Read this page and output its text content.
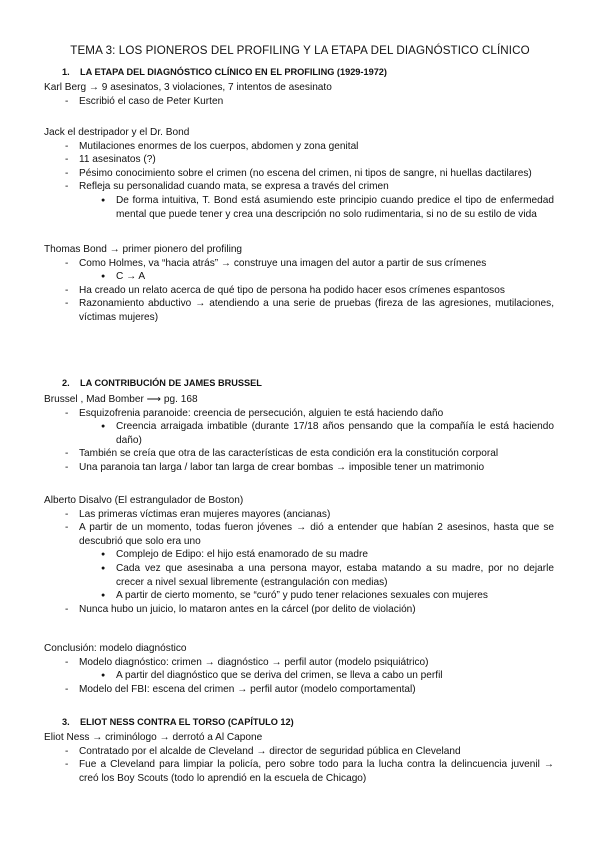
TEMA 3: LOS PIONEROS DEL PROFILING Y LA ETAPA DEL DIAGNÓSTICO CLÍNICO
1. LA ETAPA DEL DIAGNÓSTICO CLÍNICO EN EL PROFILING (1929-1972)

Karl Berg → 9 asesinatos, 3 violaciones, 7 intentos de asesinato

- Escribió el caso de Peter Kurten

Jack el destripador y el Dr. Bond

- Mutilaciones enormes de los cuerpos, abdomen y zona genital

- 11 asesinatos (?)

- Pésimo conocimiento sobre el crimen (no escena del crimen, ni tipos de sangre, ni huellas dactilares)

- Refleja su personalidad cuando mata, se expresa a través del crimen

● De forma intuitiva, T. Bond está asumiendo este principio cuando predice el tipo de enfermedad mental que puede tener y crea una descripción no solo rudimentaria, si no de su estilo de vida

Thomas Bond → primer pionero del profiling

- Como Holmes, va “hacia atrás” → construye una imagen del autor a partir de sus crímenes

● C → A

- Ha creado un relato acerca de qué tipo de persona ha podido hacer esos crímenes espantosos

- Razonamiento abductivo → atendiendo a una serie de pruebas (fireza de las agresiones, mutilaciones, víctimas mujeres)

2. LA CONTRIBUCIÓN DE JAMES BRUSSEL

Brussel , Mad Bomber ⟶ pg. 168

- Esquizofrenia paranoide: creencia de persecución, alguien te está haciendo daño

● Creencia arraigada imbatible (durante 17/18 años pensando que la compañía le está haciendo daño)

- También se creía que otra de las características de esta condición era la constitución corporal

- Una paranoia tan larga / labor tan larga de crear bombas → imposible tener un matrimonio

Alberto Disalvo (El estrangulador de Boston)

- Las primeras víctimas eran mujeres mayores (ancianas)

- A partir de un momento, todas fueron jóvenes → dió a entender que habían 2 asesinos, hasta que se descubrió que solo era uno

● Complejo de Edipo: el hijo está enamorado de su madre

● Cada vez que asesinaba a una persona mayor, estaba matando a su madre, por no dejarle crecer a nivel sexual libremente (estrangulación con medias)

● A partir de cierto momento, se “curó” y pudo tener relaciones sexuales con mujeres

- Nunca hubo un juicio, lo mataron antes en la cárcel (por delito de violación)

Conclusión: modelo diagnóstico

- Modelo diagnóstico: crimen → diagnóstico → perfil autor (modelo psiquiátrico)

● A partir del diagnóstico que se deriva del crimen, se lleva a cabo un perfil

- Modelo del FBI: escena del crimen → perfil autor (modelo comportamental)

3. ELIOT NESS CONTRA EL TORSO (CAPÍTULO 12)

Eliot Ness → criminólogo → derrotó a Al Capone

- Contratado por el alcalde de Cleveland → director de seguridad pública en Cleveland

- Fue a Cleveland para limpiar la policía, pero sobre todo para la lucha contra la delincuencia juvenil → creó los Boy Scouts (todo lo aprendió en la escuela de Chicago)
